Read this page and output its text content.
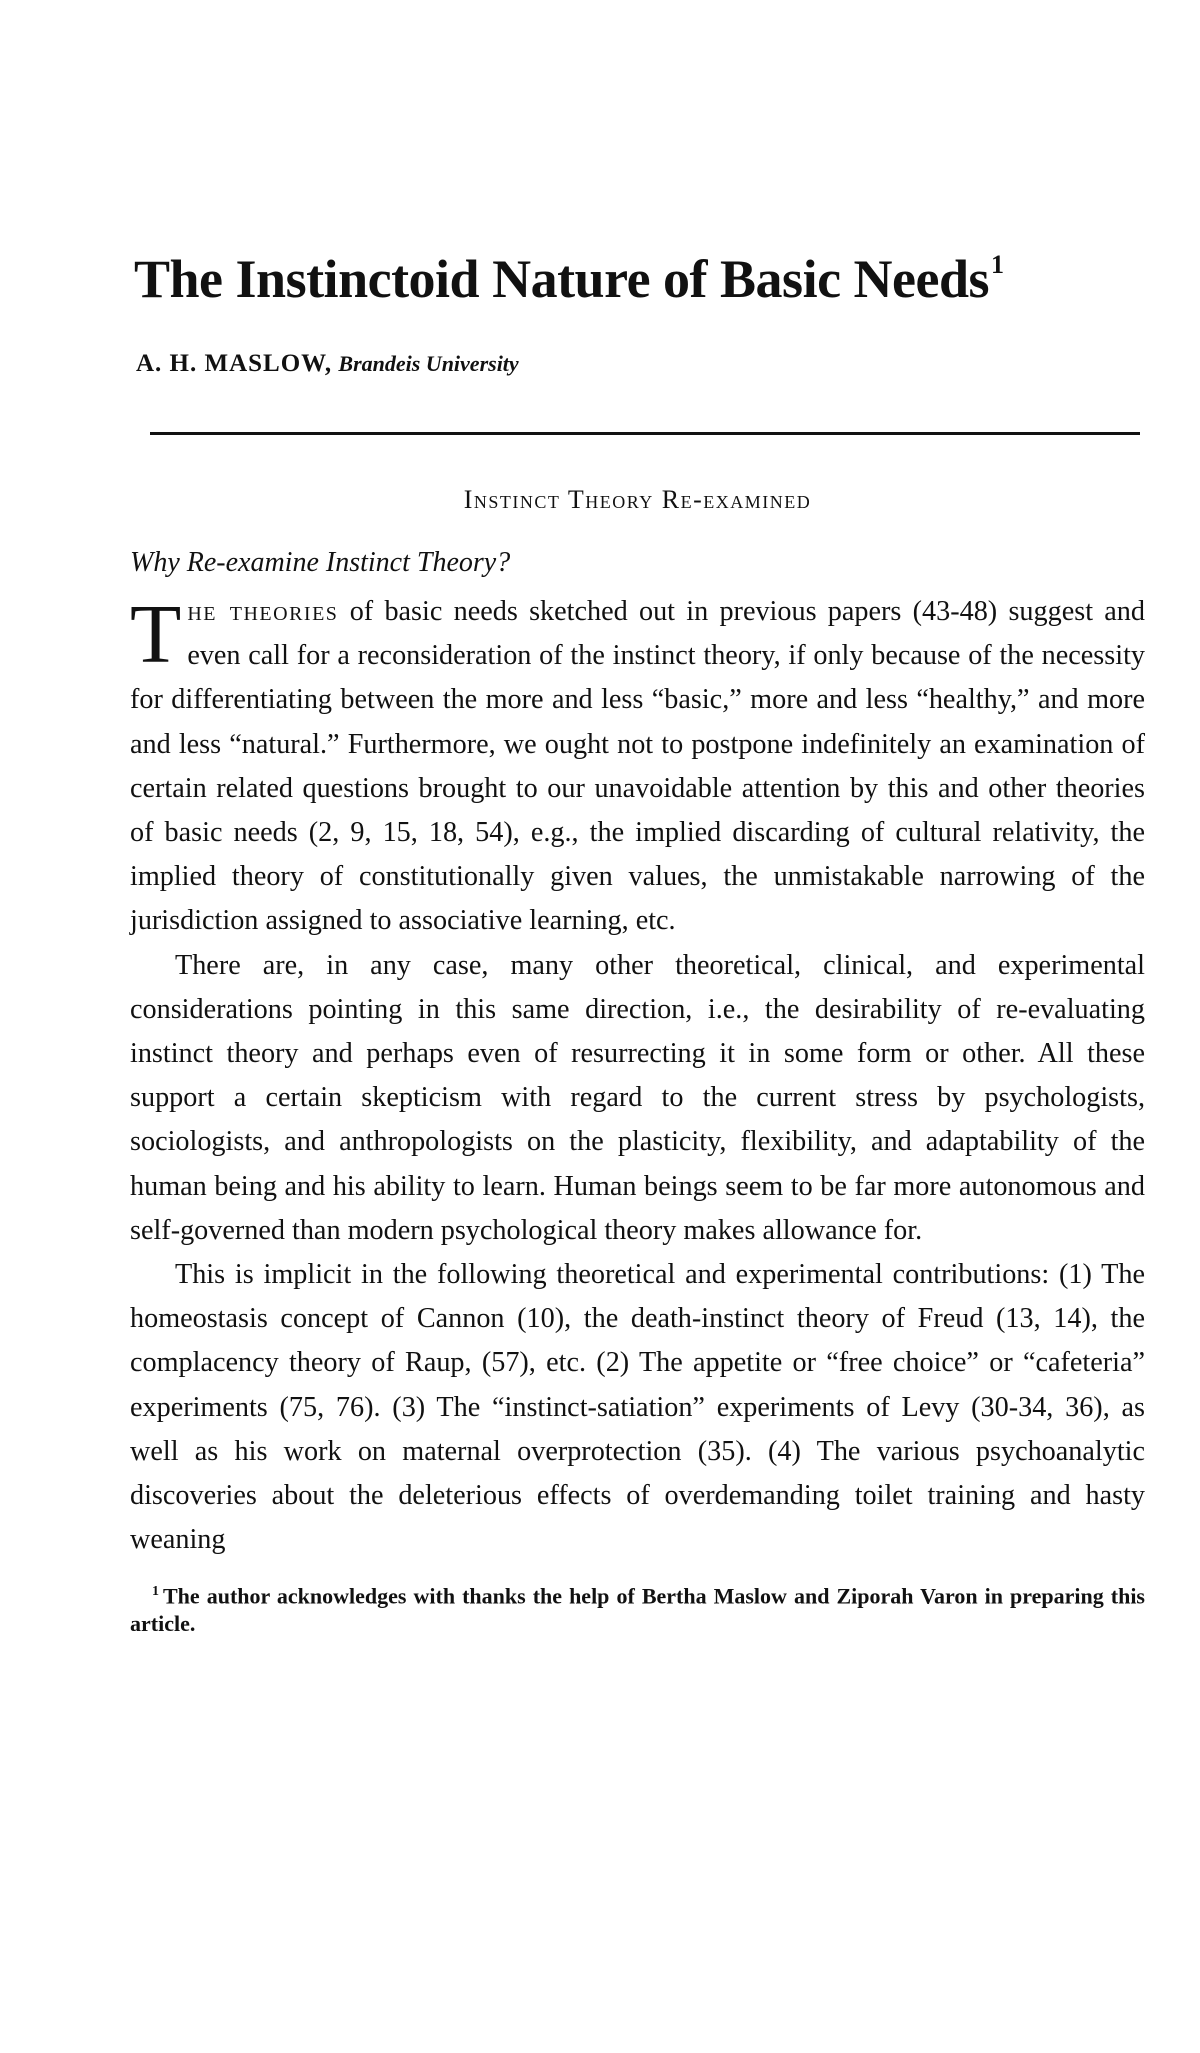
The Instinctoid Nature of Basic Needs$^1$
A. H. MASLOW, Brandeis University
Instinct Theory Re-examined
Why Re-examine Instinct Theory?

The theories of basic needs sketched out in previous papers (43-48) suggest and even call for a reconsideration of the instinct theory, if only because of the necessity for differentiating between the more and less “basic,” more and less “healthy,” and more and less “natural.” Furthermore, we ought not to postpone indefinitely an examination of certain related questions brought to our unavoidable attention by this and other theories of basic needs (2, 9, 15, 18, 54), e.g., the implied discarding of cultural relativity, the implied theory of constitutionally given values, the unmistakable narrowing of the jurisdiction assigned to associative learning, etc.

There are, in any case, many other theoretical, clinical, and experimental considerations pointing in this same direction, i.e., the desirability of re-evaluating instinct theory and perhaps even of resurrecting it in some form or other. All these support a certain skepticism with regard to the current stress by psychologists, sociologists, and anthropologists on the plasticity, flexibility, and adaptability of the human being and his ability to learn. Human beings seem to be far more autonomous and self-governed than modern psychological theory makes allowance for.

This is implicit in the following theoretical and experimental contributions: (1) The homeostasis concept of Cannon (10), the death-instinct theory of Freud (13, 14), the complacency theory of Raup, (57), etc. (2) The appetite or “free choice” or “cafeteria” experiments (75, 76). (3) The “instinct-satiation” experiments of Levy (30-34, 36), as well as his work on maternal overprotection (35). (4) The various psychoanalytic discoveries about the deleterious effects of overdemanding toilet training and hasty weaning

$^1$ The author acknowledges with thanks the help of Bertha Maslow and Ziporah Varon in preparing this article.
